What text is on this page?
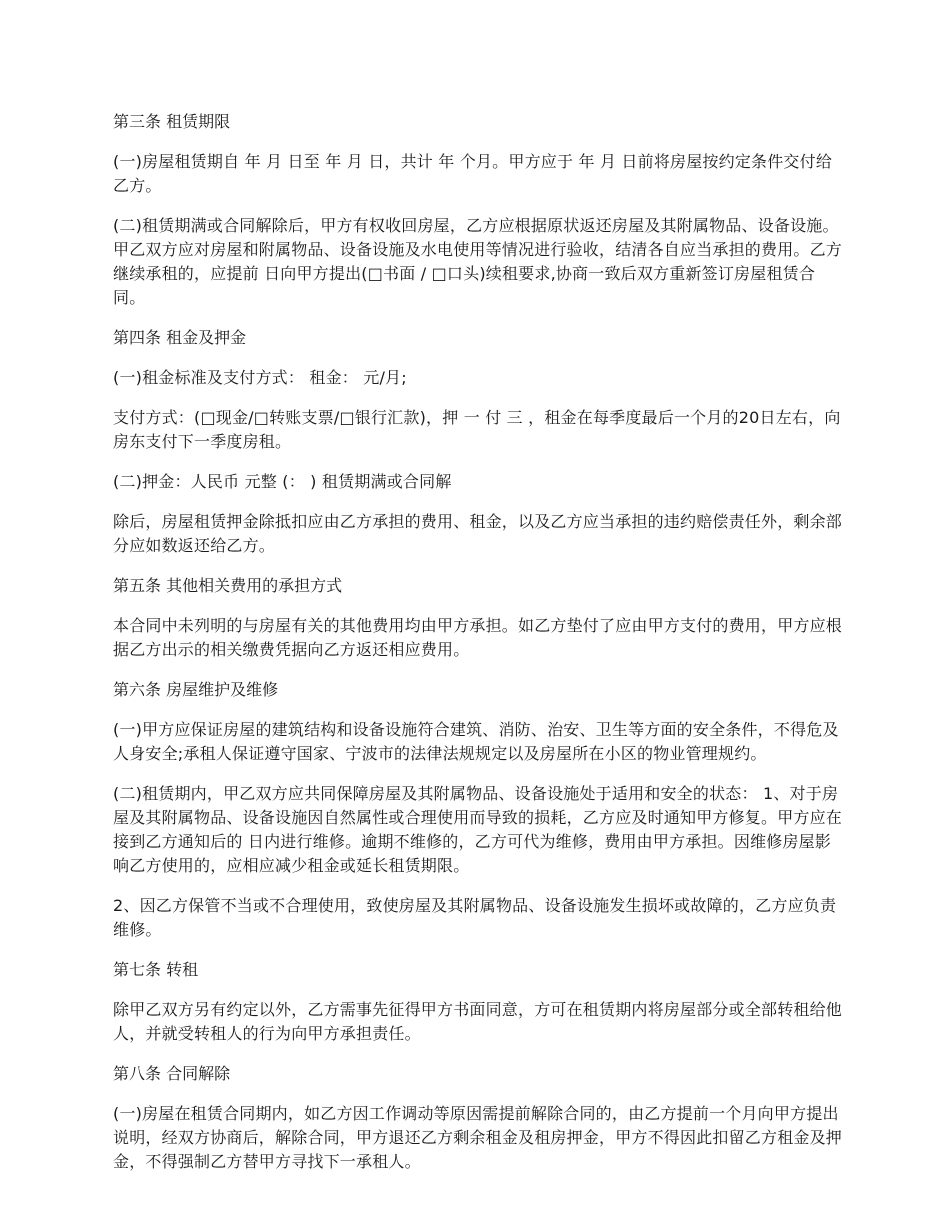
第三条 租赁期限

(一)房屋租赁期自 年 月 日至 年 月 日，共计 年 个月。甲方应于 年 月 日前将房屋按约定条件交付给乙方。

(二)租赁期满或合同解除后，甲方有权收回房屋，乙方应根据原状返还房屋及其附属物品、设备设施。甲乙双方应对房屋和附属物品、设备设施及水电使用等情况进行验收，结清各自应当承担的费用。乙方继续承租的，应提前 日向甲方提出(□书面 / □口头)续租要求,协商一致后双方重新签订房屋租赁合同。

第四条 租金及押金

(一)租金标准及支付方式： 租金： 元/月;

支付方式：(□现金/□转账支票/□银行汇款)，押 一 付 三 ，租金在每季度最后一个月的20日左右，向房东支付下一季度房租。

(二)押金：人民币 元整 (： ) 租赁期满或合同解

除后，房屋租赁押金除抵扣应由乙方承担的费用、租金，以及乙方应当承担的违约赔偿责任外，剩余部分应如数返还给乙方。

第五条 其他相关费用的承担方式

本合同中未列明的与房屋有关的其他费用均由甲方承担。如乙方垫付了应由甲方支付的费用，甲方应根据乙方出示的相关缴费凭据向乙方返还相应费用。

第六条 房屋维护及维修

(一)甲方应保证房屋的建筑结构和设备设施符合建筑、消防、治安、卫生等方面的安全条件，不得危及人身安全;承租人保证遵守国家、宁波市的法律法规规定以及房屋所在小区的物业管理规约。

(二)租赁期内，甲乙双方应共同保障房屋及其附属物品、设备设施处于适用和安全的状态： 1、对于房屋及其附属物品、设备设施因自然属性或合理使用而导致的损耗，乙方应及时通知甲方修复。甲方应在接到乙方通知后的 日内进行维修。逾期不维修的，乙方可代为维修，费用由甲方承担。因维修房屋影响乙方使用的，应相应减少租金或延长租赁期限。

2、因乙方保管不当或不合理使用，致使房屋及其附属物品、设备设施发生损坏或故障的，乙方应负责维修。

第七条 转租

除甲乙双方另有约定以外，乙方需事先征得甲方书面同意，方可在租赁期内将房屋部分或全部转租给他人，并就受转租人的行为向甲方承担责任。

第八条 合同解除

(一)房屋在租赁合同期内，如乙方因工作调动等原因需提前解除合同的，由乙方提前一个月向甲方提出说明，经双方协商后，解除合同，甲方退还乙方剩余租金及租房押金，甲方不得因此扣留乙方租金及押金，不得强制乙方替甲方寻找下一承租人。
